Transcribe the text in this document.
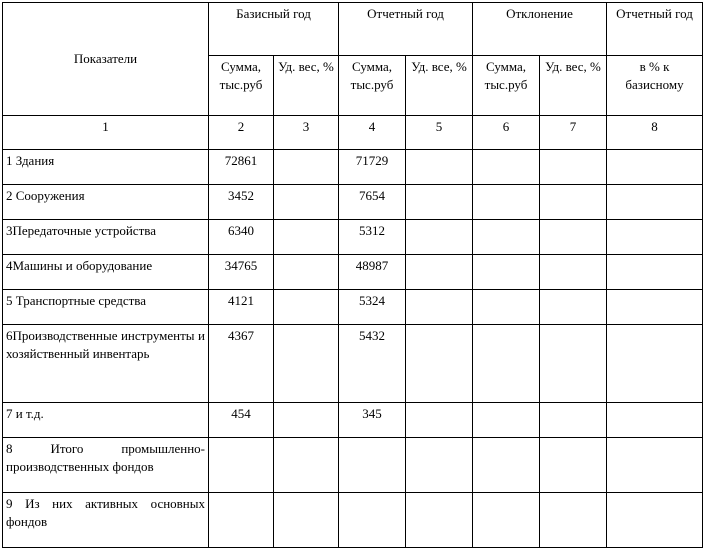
Показатели	Базисный год		Отчетный год		Отклонение		Отчетный год
	Сумма, тыс.руб	Уд. вес, %	Сумма, тыс.руб	Уд. все, %	Сумма, тыс.руб	Уд. вес, %	в % к базисному
1	2	3	4	5	6	7	8
1 Здания	72861		71729				
2 Сооружения	3452		7654				
3Передаточные устройства	6340		5312				
4Машины и оборудование	34765		48987				
5 Транспортные средства	4121		5324				
6Производственные инструменты и хозяйственный инвентарь	4367		5432				
7 и т.д.	454		345				
8 Итого промышленно-производственных фондов							
9 Из них активных основных фондов							
